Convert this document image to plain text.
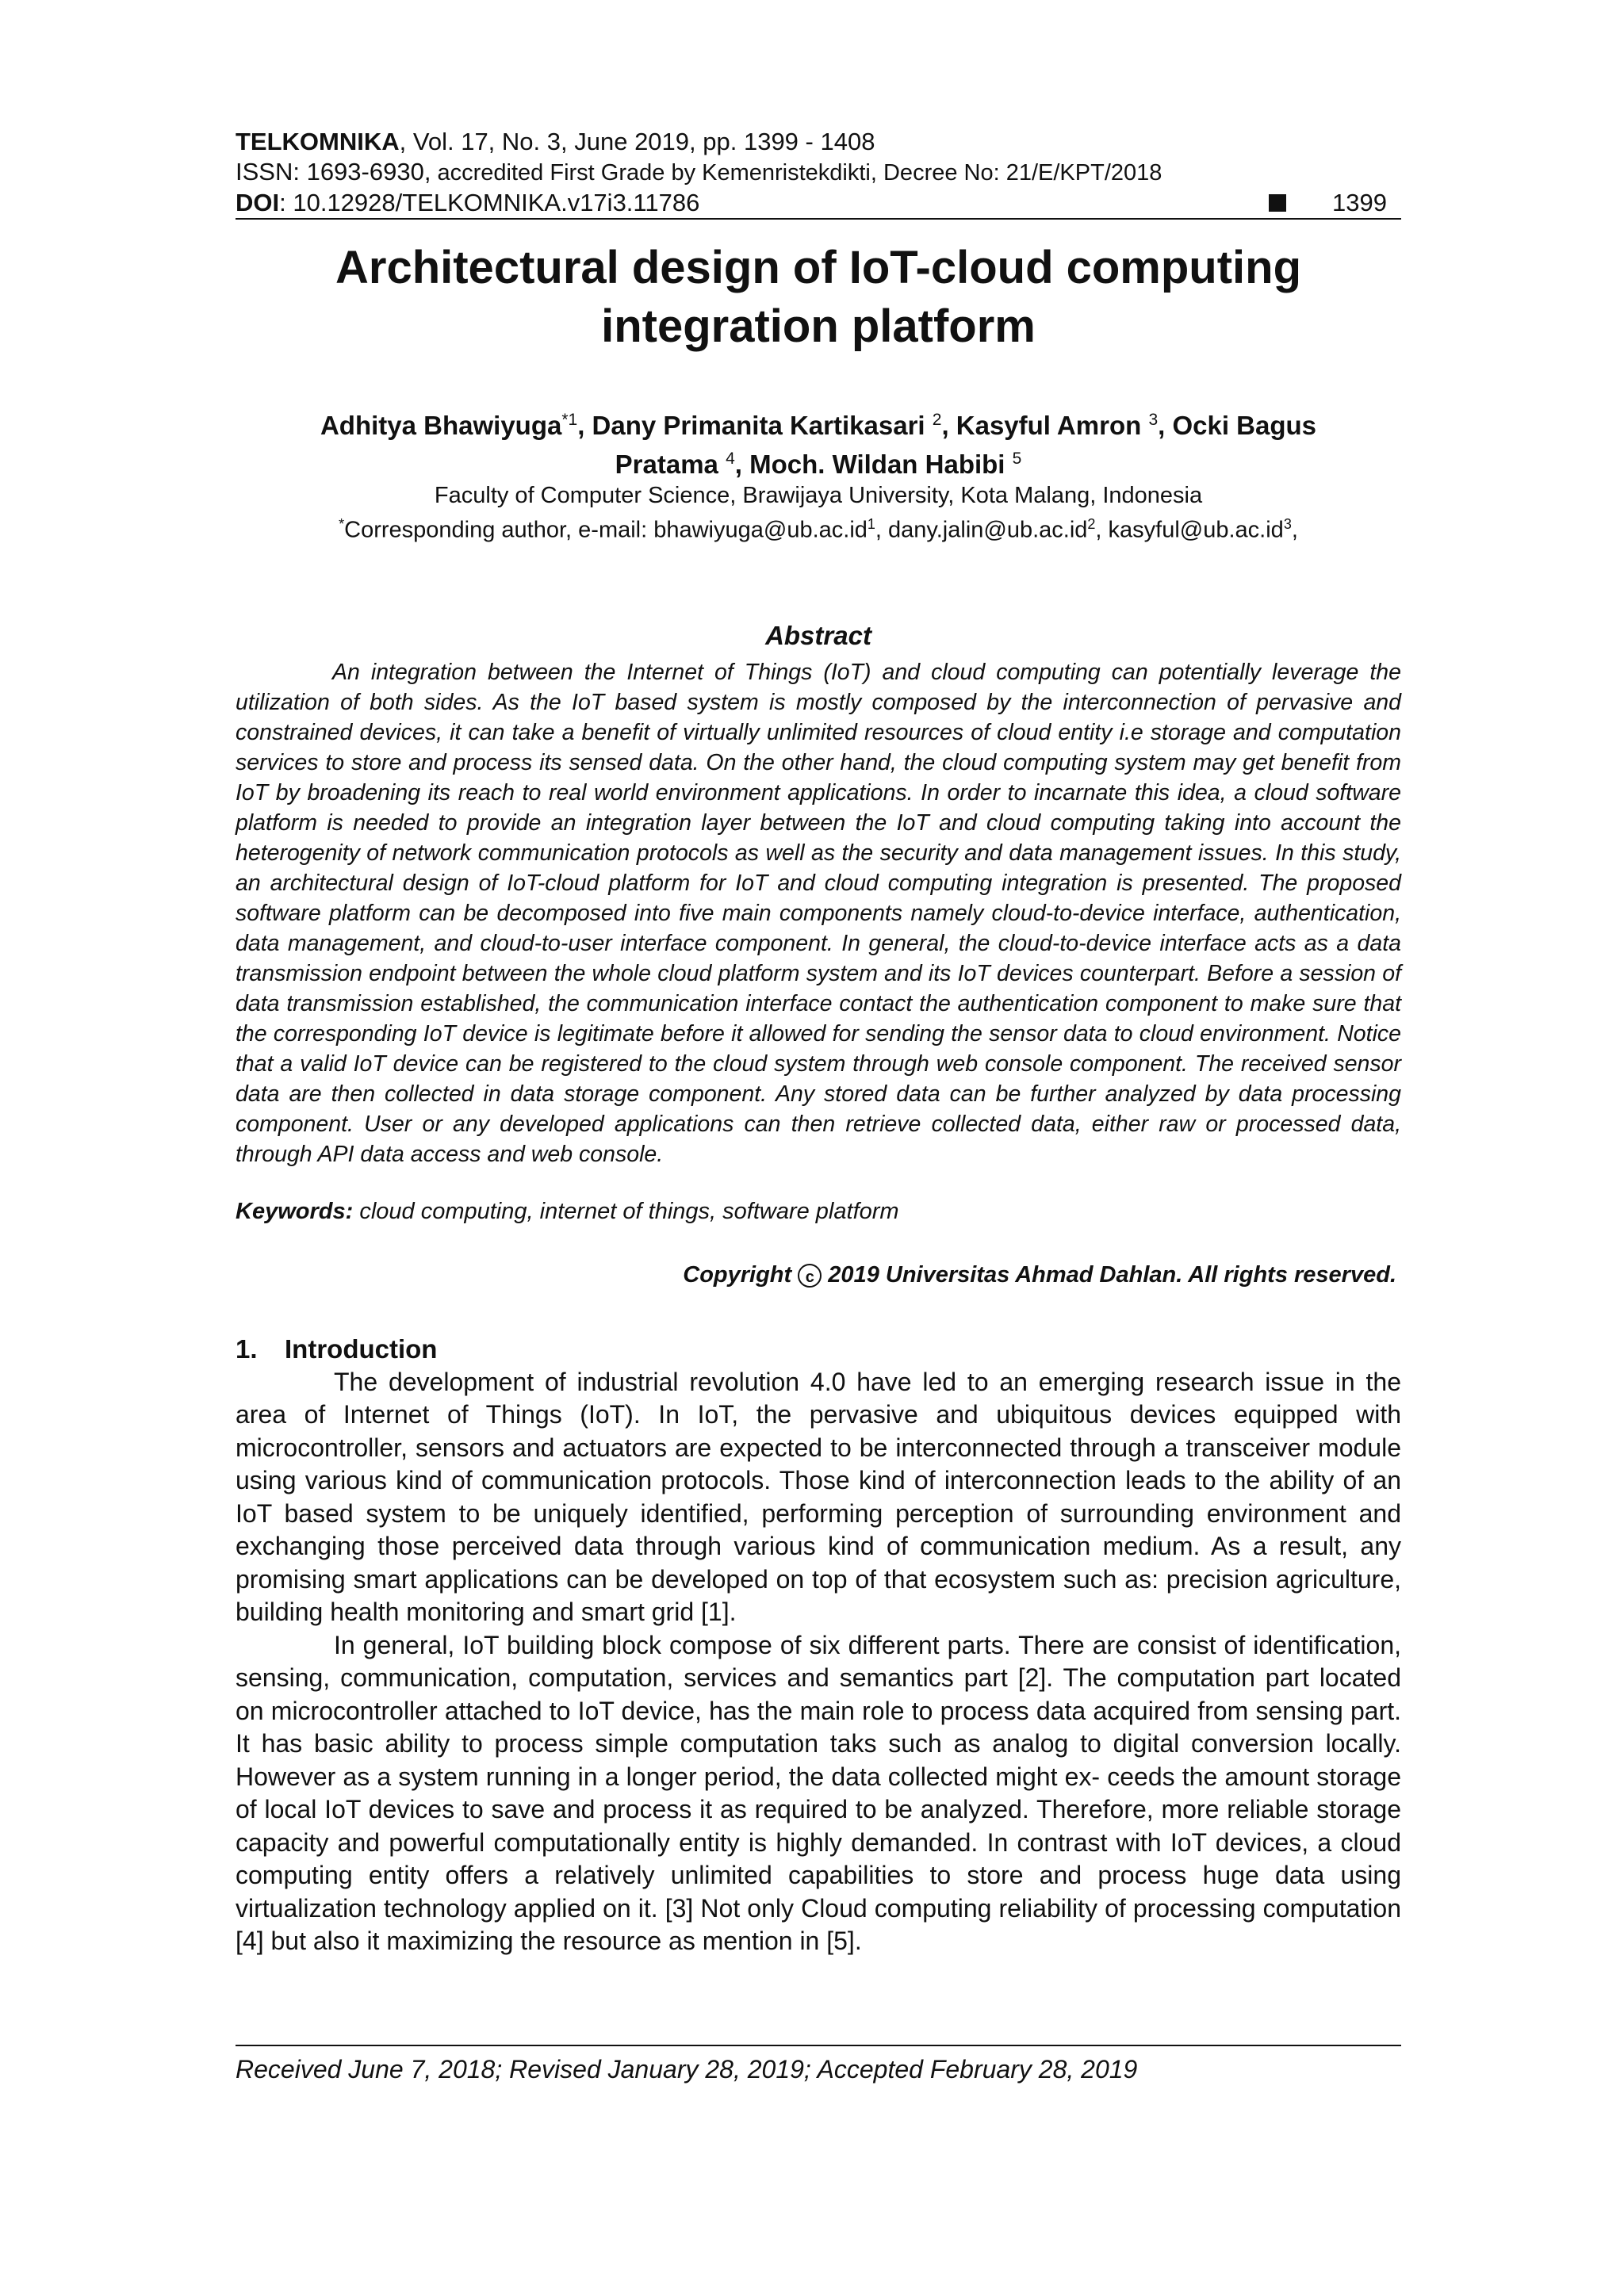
TELKOMNIKA, Vol. 17, No. 3, June 2019, pp. 1399 - 1408
ISSN: 1693-6930, accredited First Grade by Kemenristekdikti, Decree No: 21/E/KPT/2018
DOI: 10.12928/TELKOMNIKA.v17i3.11786	1399
Architectural design of IoT-cloud computing
integration platform
Adhitya Bhawiyuga$^{*1}$, Dany Primanita Kartikasari $^2$, Kasyful Amron $^3$, Ocki Bagus
Pratama $^4$, Moch. Wildan Habibi $^5$
Faculty of Computer Science, Brawijaya University, Kota Malang, Indonesia
*Corresponding author, e-mail: $bhawiyuga@ub.ac.id^1$, $dany.jalin@ub.ac.id^2$, $kasyful@ub.ac.id^3$,
Abstract

An integration between the Internet of Things (IoT) and cloud computing can potentially leverage the utilization of both sides. As the IoT based system is mostly composed by the interconnection of pervasive and constrained devices, it can take a benefit of virtually unlimited resources of cloud entity i.e storage and computation services to store and process its sensed data. On the other hand, the cloud computing system may get benefit from IoT by broadening its reach to real world environment applications. In order to incarnate this idea, a cloud software platform is needed to provide an integration layer between the IoT and cloud computing taking into account the heterogenity of network communication protocols as well as the security and data management issues. In this study, an architectural design of IoT-cloud platform for IoT and cloud computing integration is presented. The proposed software platform can be decomposed into five main components namely cloud-to-device interface, authentication, data management, and cloud-to-user interface component. In general, the cloud-to-device interface acts as a data transmission endpoint between the whole cloud platform system and its IoT devices counterpart. Before a session of data transmission established, the communication interface contact the authentication component to make sure that the corresponding IoT device is legitimate before it allowed for sending the sensor data to cloud environment. Notice that a valid IoT device can be registered to the cloud system through web console component. The received sensor data are then collected in data storage component. Any stored data can be further analyzed by data processing component. User or any developed applications can then retrieve collected data, either raw or processed data, through API data access and web console.

Keywords: cloud computing, internet of things, software platform
Copyright c 2019 Universitas Ahmad Dahlan. All rights reserved.
1.	Introduction

The development of industrial revolution 4.0 have led to an emerging research issue in the area of Internet of Things (IoT). In IoT, the pervasive and ubiquitous devices equipped with microcontroller, sensors and actuators are expected to be interconnected through a transceiver module using various kind of communication protocols. Those kind of interconnection leads to the ability of an IoT based system to be uniquely identified, performing perception of surrounding environment and exchanging those perceived data through various kind of communication medium. As a result, any promising smart applications can be developed on top of that ecosystem such as: precision agriculture, building health monitoring and smart grid [1].

In general, IoT building block compose of six different parts. There are consist of identification, sensing, communication, computation, services and semantics part [2]. The computation part located on microcontroller attached to IoT device, has the main role to process data acquired from sensing part. It has basic ability to process simple computation taks such as analog to digital conversion locally. However as a system running in a longer period, the data collected might ex- ceeds the amount storage of local IoT devices to save and process it as required to be analyzed. Therefore, more reliable storage capacity and powerful computationally entity is highly demanded. In contrast with IoT devices, a cloud computing entity offers a relatively unlimited capabilities to store and process huge data using virtualization technology applied on it. [3] Not only Cloud computing reliability of processing computation [4] but also it maximizing the resource as mention in [5].

Received June 7, 2018; Revised January 28, 2019; Accepted February 28, 2019
